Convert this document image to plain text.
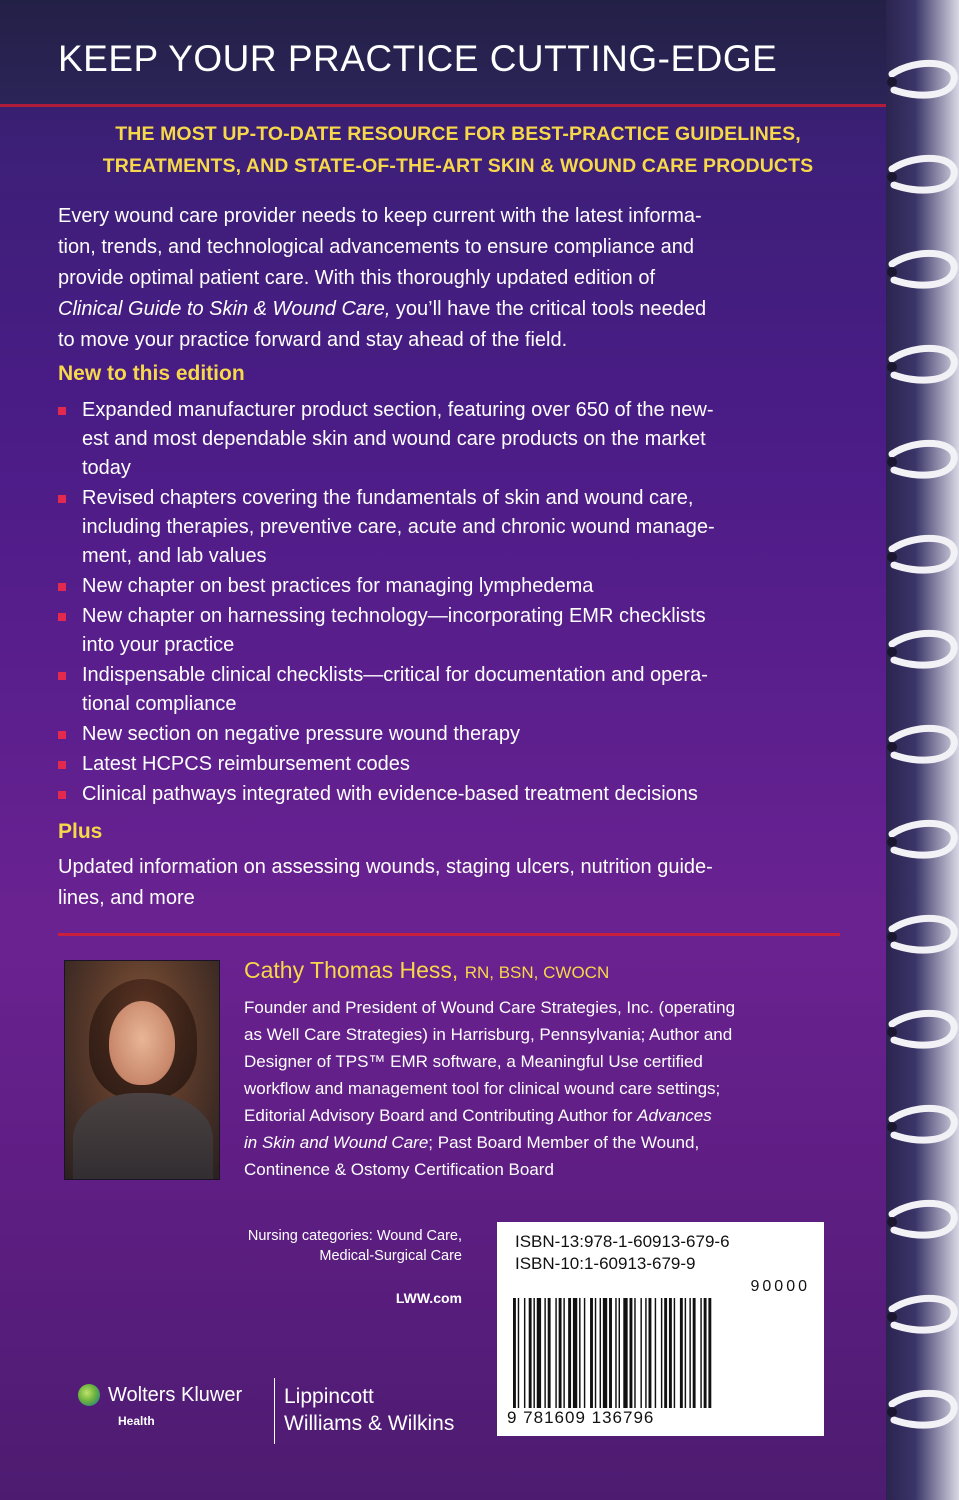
KEEP YOUR PRACTICE CUTTING-EDGE
THE MOST UP-TO-DATE RESOURCE FOR BEST-PRACTICE GUIDELINES,
TREATMENTS, AND STATE-OF-THE-ART SKIN & WOUND CARE PRODUCTS
Every wound care provider needs to keep current with the latest informa-
tion, trends, and technological advancements to ensure compliance and
provide optimal patient care. With this thoroughly updated edition of
Clinical Guide to Skin & Wound Care, you’ll have the critical tools needed
to move your practice forward and stay ahead of the field.
New to this edition
Expanded manufacturer product section, featuring over 650 of the new-
est and most dependable skin and wound care products on the market
today
Revised chapters covering the fundamentals of skin and wound care,
including therapies, preventive care, acute and chronic wound manage-
ment, and lab values
New chapter on best practices for managing lymphedema
New chapter on harnessing technology—incorporating EMR checklists
into your practice
Indispensable clinical checklists—critical for documentation and opera-
tional compliance
New section on negative pressure wound therapy
Latest HCPCS reimbursement codes
Clinical pathways integrated with evidence-based treatment decisions
Plus
Updated information on assessing wounds, staging ulcers, nutrition guide-
lines, and more
Cathy Thomas Hess, RN, BSN, CWOCN
Founder and President of Wound Care Strategies, Inc. (operating
as Well Care Strategies) in Harrisburg, Pennsylvania; Author and
Designer of TPS™ EMR software, a Meaningful Use certified
workflow and management tool for clinical wound care settings;
Editorial Advisory Board and Contributing Author for Advances
in Skin and Wound Care; Past Board Member of the Wound,
Continence & Ostomy Certification Board
Nursing categories: Wound Care,
Medical-Surgical Care
LWW.com
ISBN-13:978-1-60913-679-6
ISBN-10:1-60913-679-9
90000
9 781609 136796
Wolters Kluwer
Health
Lippincott
Williams & Wilkins
